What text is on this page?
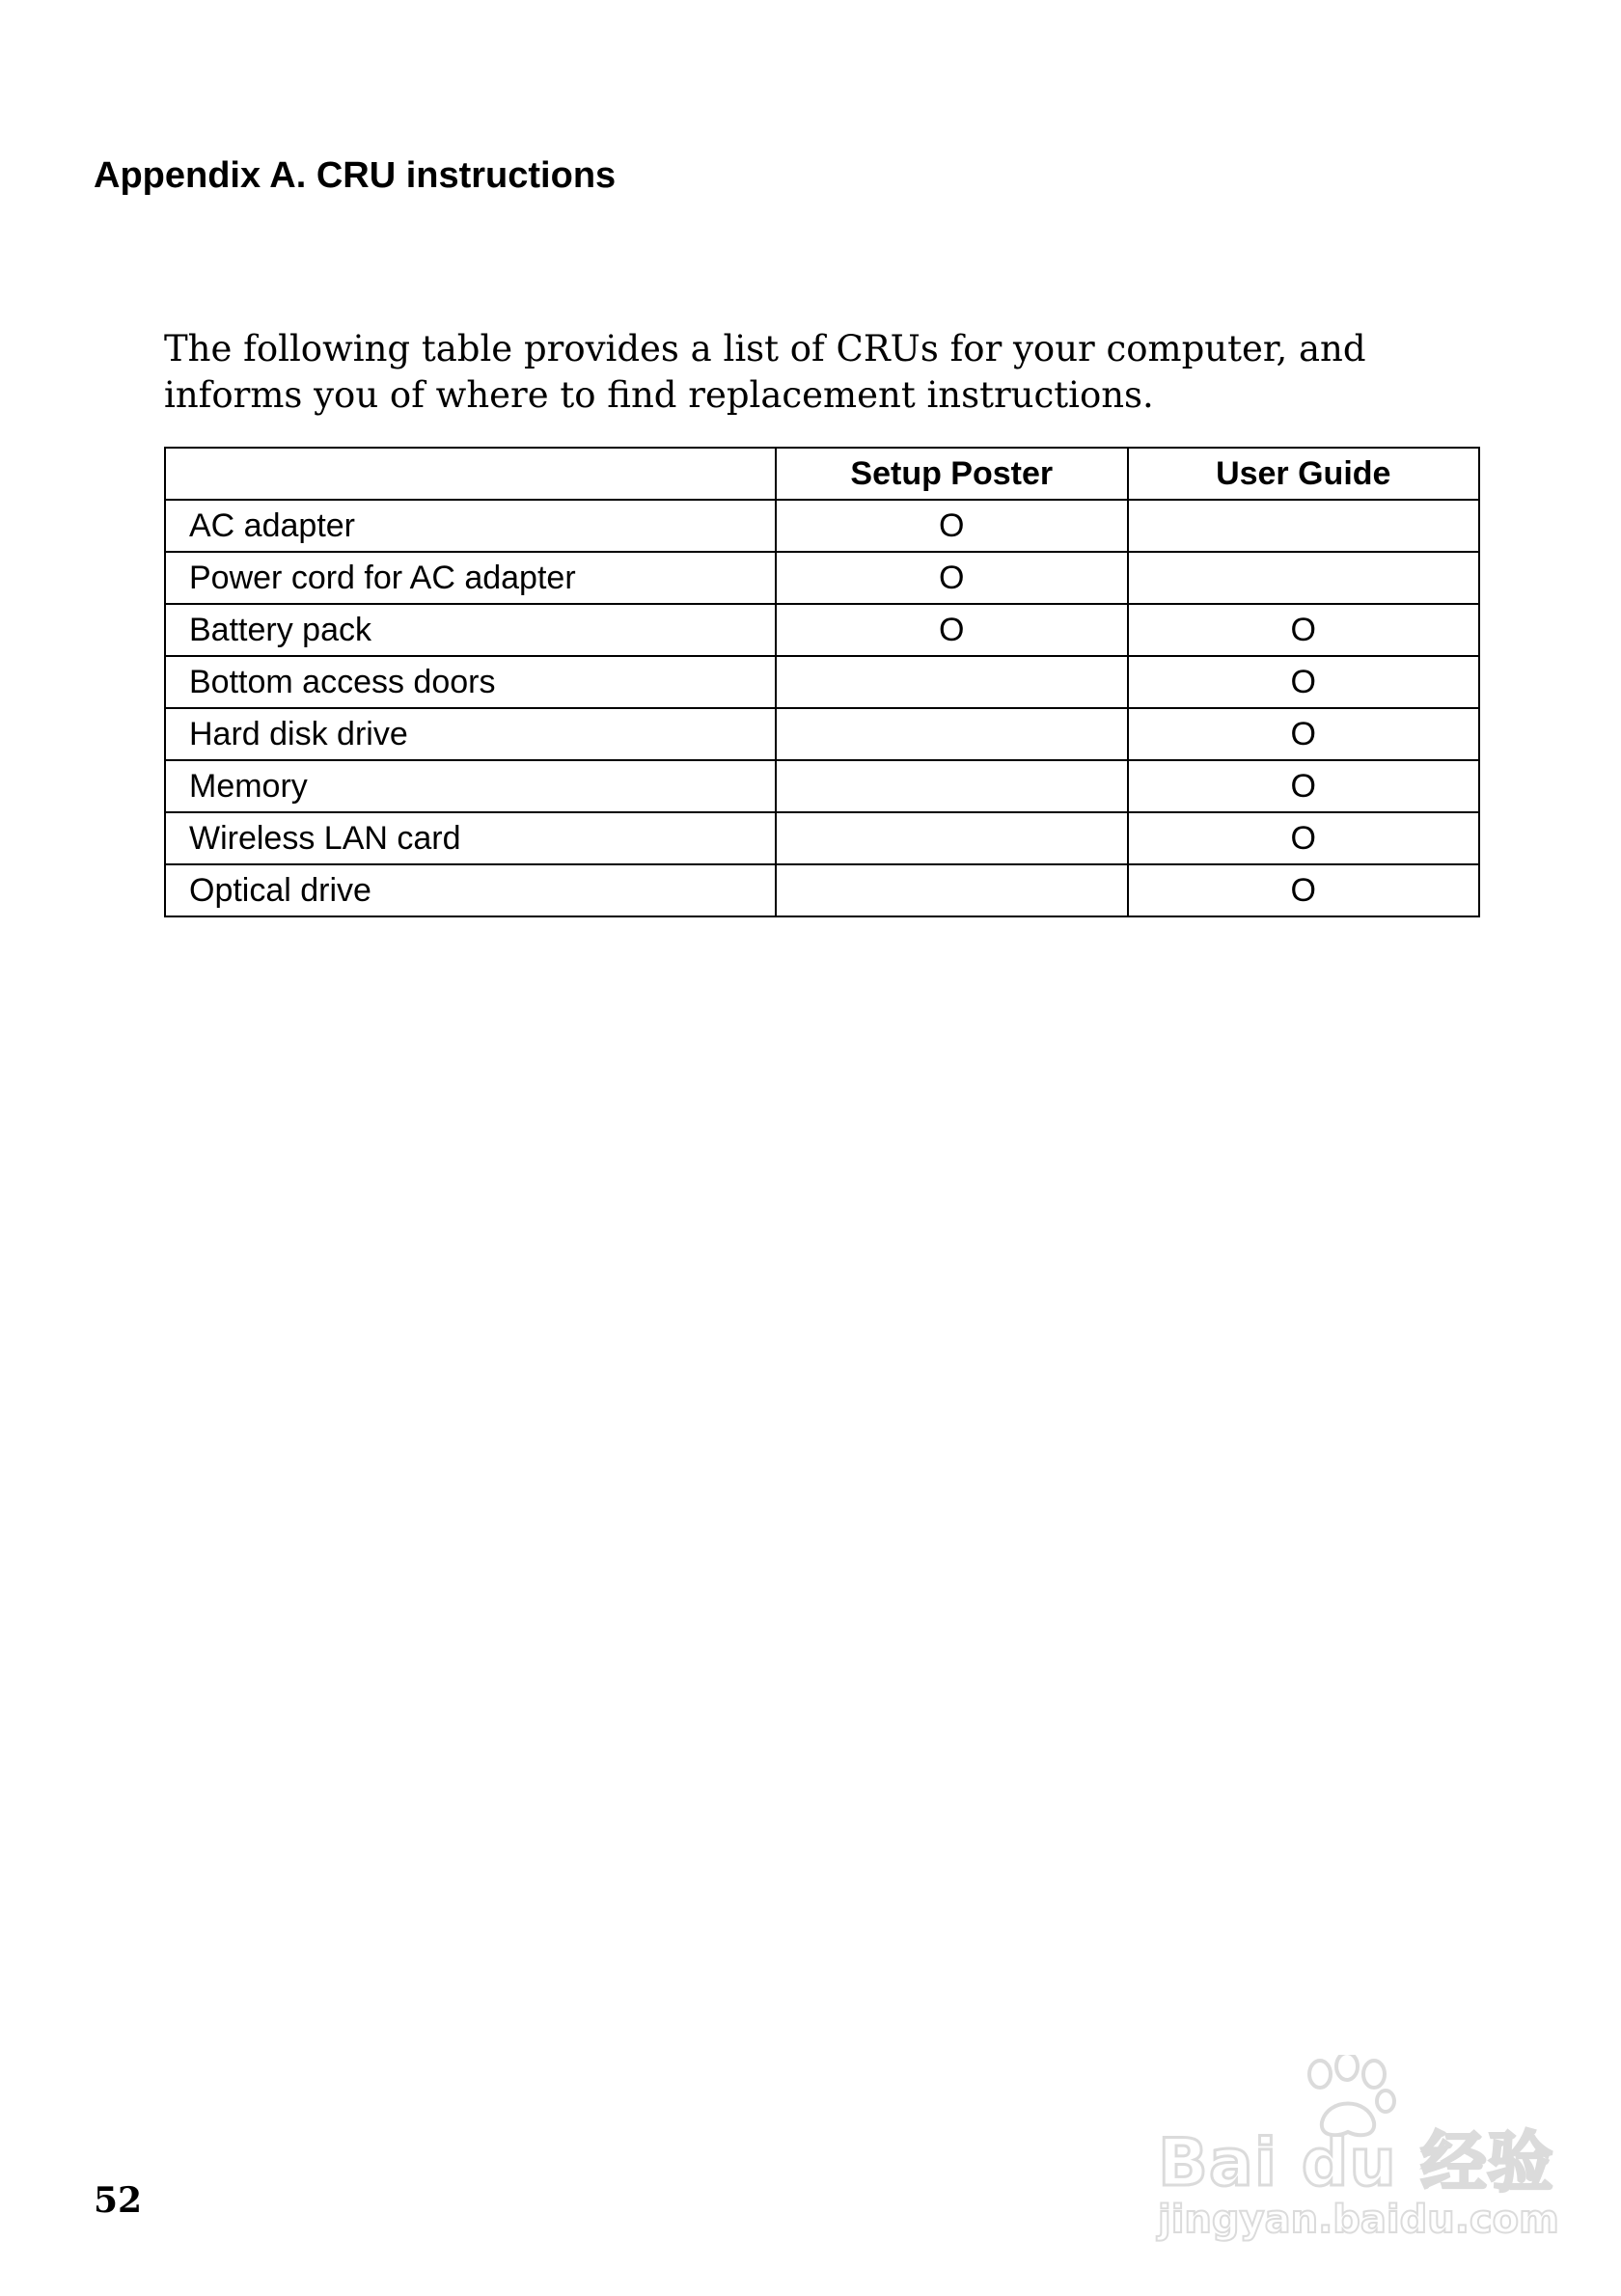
Appendix A. CRU instructions

The following table provides a list of CRUs for your computer, and informs you of where to find replacement instructions.

	Setup Poster	User Guide
AC adapter	O	
Power cord for AC adapter	O	
Battery pack	O	O
Bottom access doors		O
Hard disk drive		O
Memory		O
Wireless LAN card		O
Optical drive		O
52	Bai du 经验
jingyan.baidu.com
